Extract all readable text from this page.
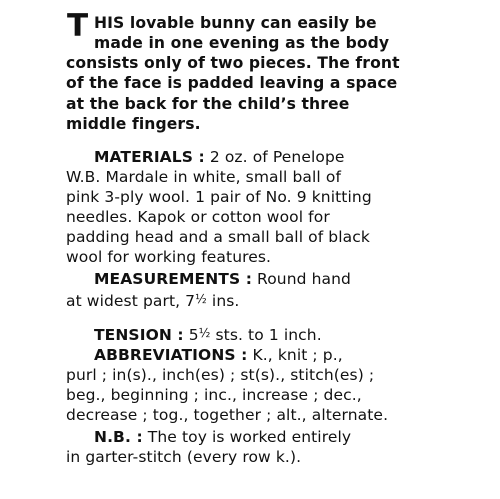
T HIS lovable bunny can easily be
made in one evening as the body
consists only of two pieces. The front
of the face is padded leaving a space
at the back for the child’s three
middle fingers.
MATERIALS : 2 oz. of Penelope
W.B. Mardale in white, small ball of
pink 3-ply wool. 1 pair of No. 9 knitting
needles. Kapok or cotton wool for
padding head and a small ball of black
wool for working features.
MEASUREMENTS : Round hand
at widest part, 7½ ins.
TENSION : 5½ sts. to 1 inch.
ABBREVIATIONS : K., knit ; p.,
purl ; in(s)., inch(es) ; st(s)., stitch(es) ;
beg., beginning ; inc., increase ; dec.,
decrease ; tog., together ; alt., alternate.
N.B. : The toy is worked entirely
in garter-stitch (every row k.).
